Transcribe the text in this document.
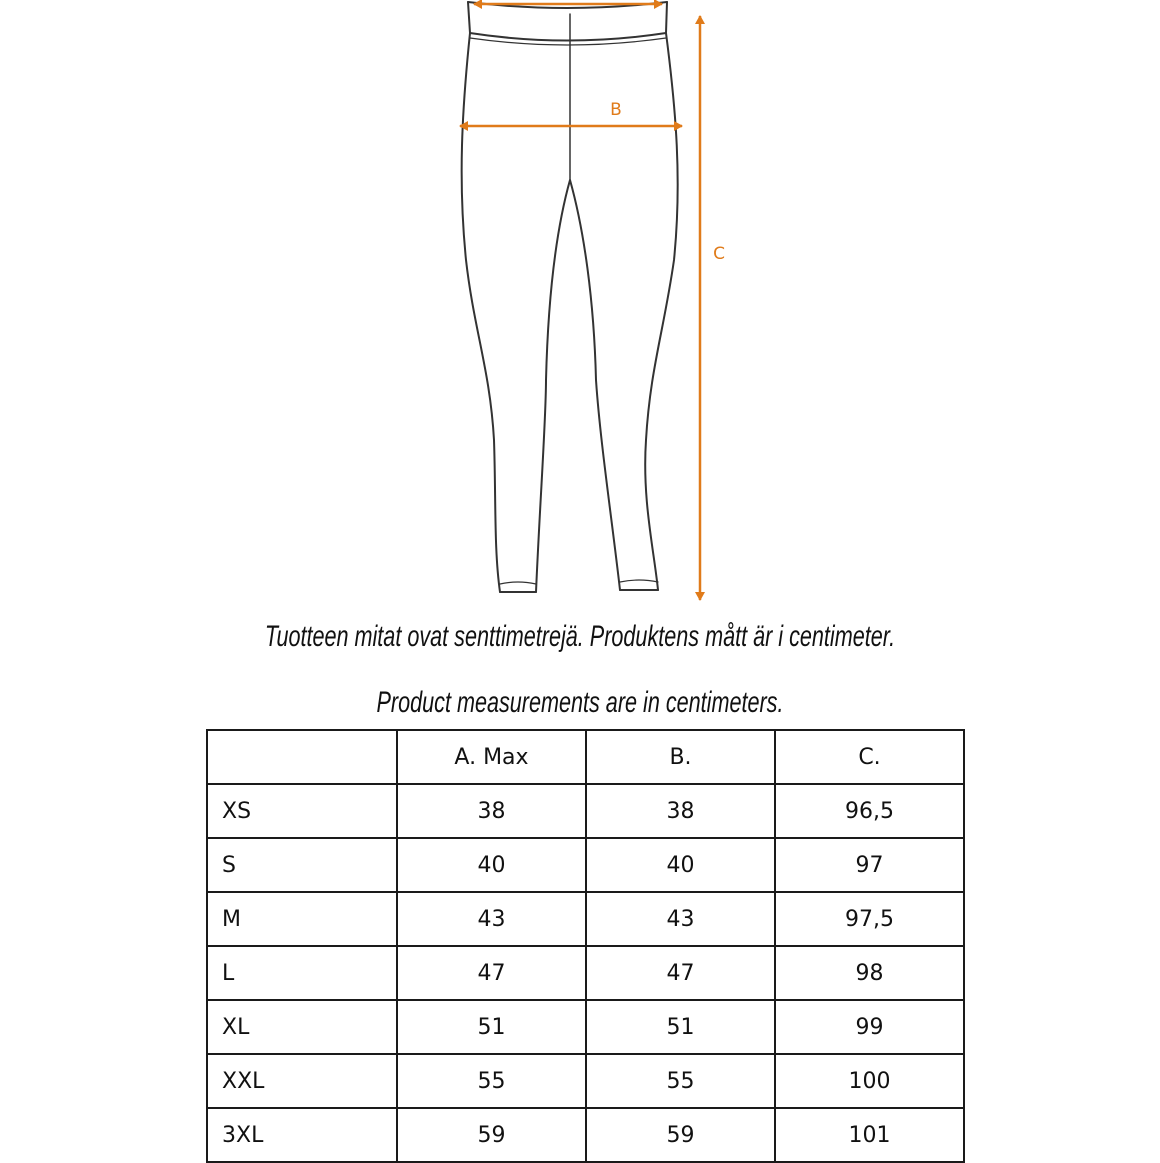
B
C
Tuotteen mitat ovat senttimetrejä. Produktens mått är i centimeter.
Product measurements are in centimeters.
	A. Max	B.	C.
XS	38	38	96,5
S	40	40	97
M	43	43	97,5
L	47	47	98
XL	51	51	99
XXL	55	55	100
3XL	59	59	101
